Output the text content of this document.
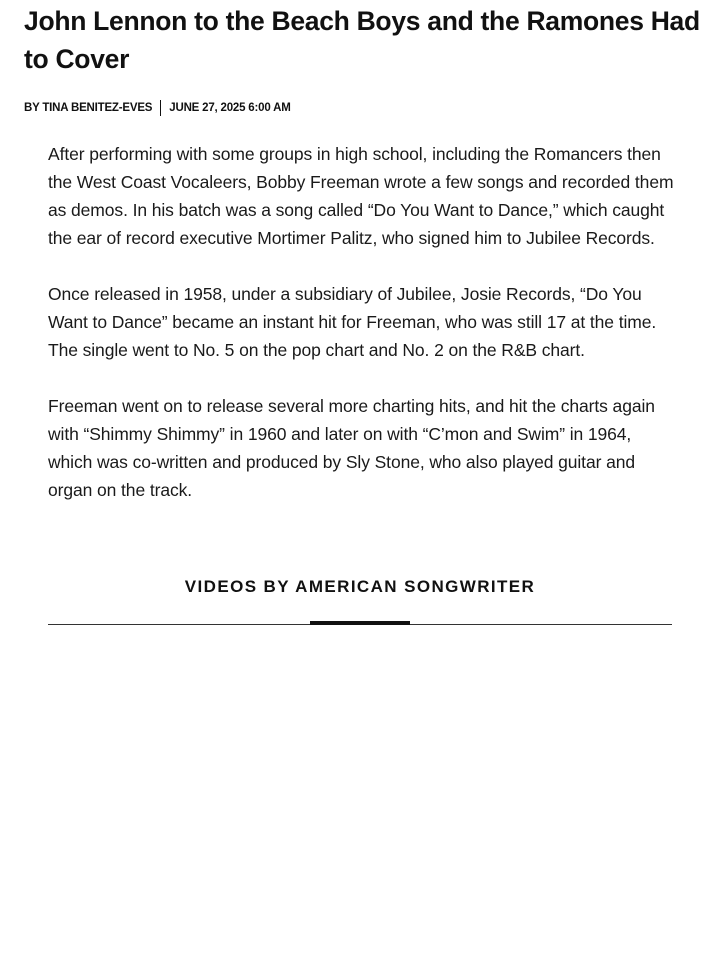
John Lennon to the Beach Boys and the Ramones Had to Cover
BY TINA BENITEZ-EVES JUNE 27, 2025 6:00 AM

After performing with some groups in high school, including the Romancers then the West Coast Vocaleers, Bobby Freeman wrote a few songs and recorded them as demos. In his batch was a song called “Do You Want to Dance,” which caught the ear of record executive Mortimer Palitz, who signed him to Jubilee Records.

Once released in 1958, under a subsidiary of Jubilee, Josie Records, “Do You Want to Dance” became an instant hit for Freeman, who was still 17 at the time. The single went to No. 5 on the pop chart and No. 2 on the R&B chart.

Freeman went on to release several more charting hits, and hit the charts again with “Shimmy Shimmy” in 1960 and later on with “C’mon and Swim” in 1964, which was co-written and produced by Sly Stone, who also played guitar and organ on the track.

VIDEOS BY AMERICAN SONGWRITER
